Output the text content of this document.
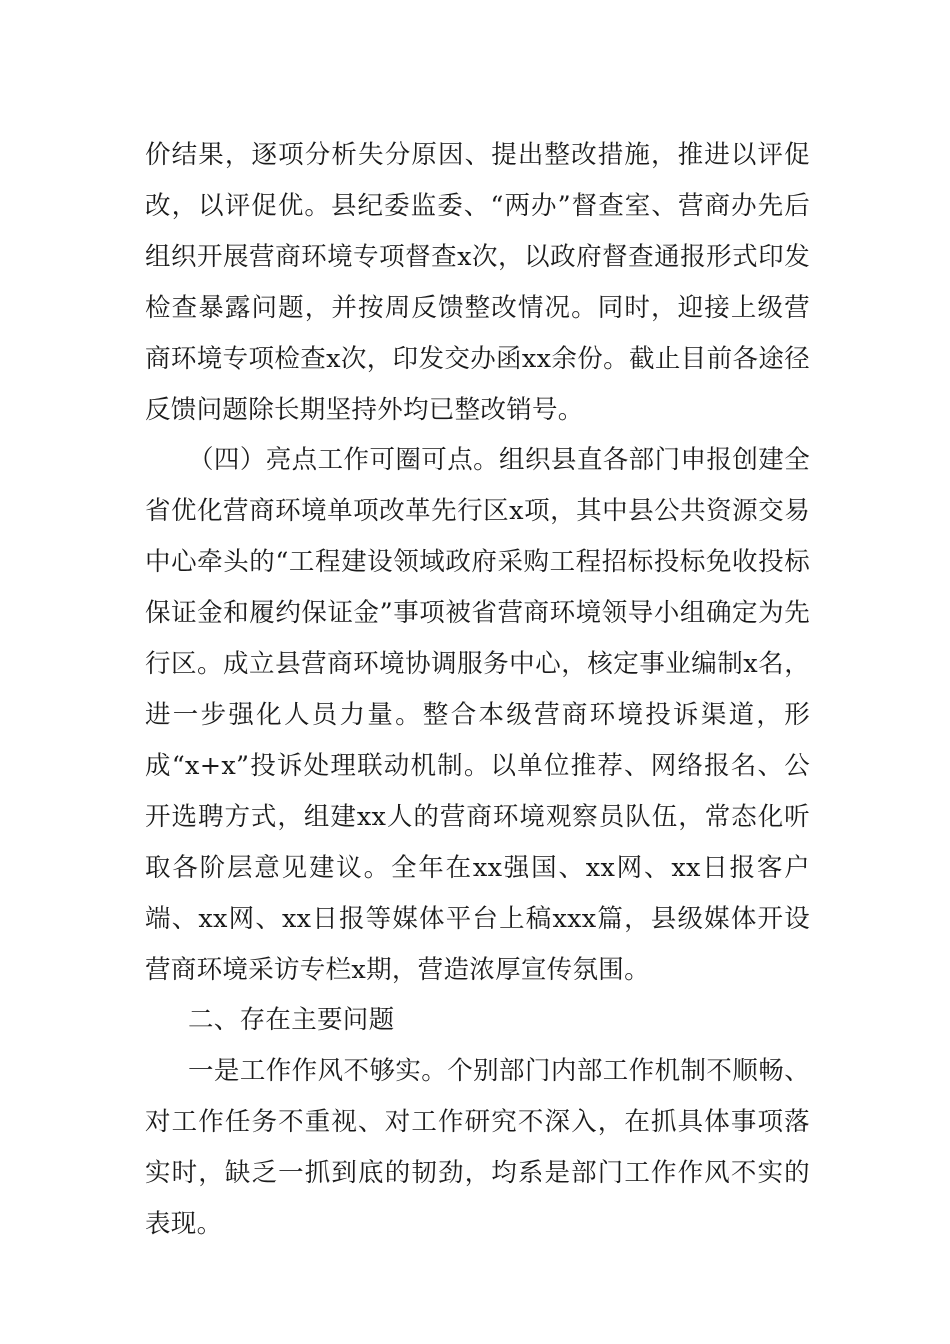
价结果，逐项分析失分原因、提出整改措施，推进以评促改，以评促优。县纪委监委、“两办”督查室、营商办先后组织开展营商环境专项督查x次，以政府督查通报形式印发检查暴露问题，并按周反馈整改情况。同时，迎接上级营商环境专项检查x次，印发交办函xx余份。截止目前各途径反馈问题除长期坚持外均已整改销号。

（四）亮点工作可圈可点。组织县直各部门申报创建全省优化营商环境单项改革先行区x项，其中县公共资源交易中心牵头的“工程建设领域政府采购工程招标投标免收投标保证金和履约保证金”事项被省营商环境领导小组确定为先行区。成立县营商环境协调服务中心，核定事业编制x名，进一步强化人员力量。整合本级营商环境投诉渠道，形成“x+x”投诉处理联动机制。以单位推荐、网络报名、公开选聘方式，组建xx人的营商环境观察员队伍，常态化听取各阶层意见建议。全年在xx强国、xx网、xx日报客户端、xx网、xx日报等媒体平台上稿xxx篇，县级媒体开设营商环境采访专栏x期，营造浓厚宣传氛围。

二、存在主要问题

一是工作作风不够实。个别部门内部工作机制不顺畅、对工作任务不重视、对工作研究不深入，在抓具体事项落实时，缺乏一抓到底的韧劲，均系是部门工作作风不实的表现。
